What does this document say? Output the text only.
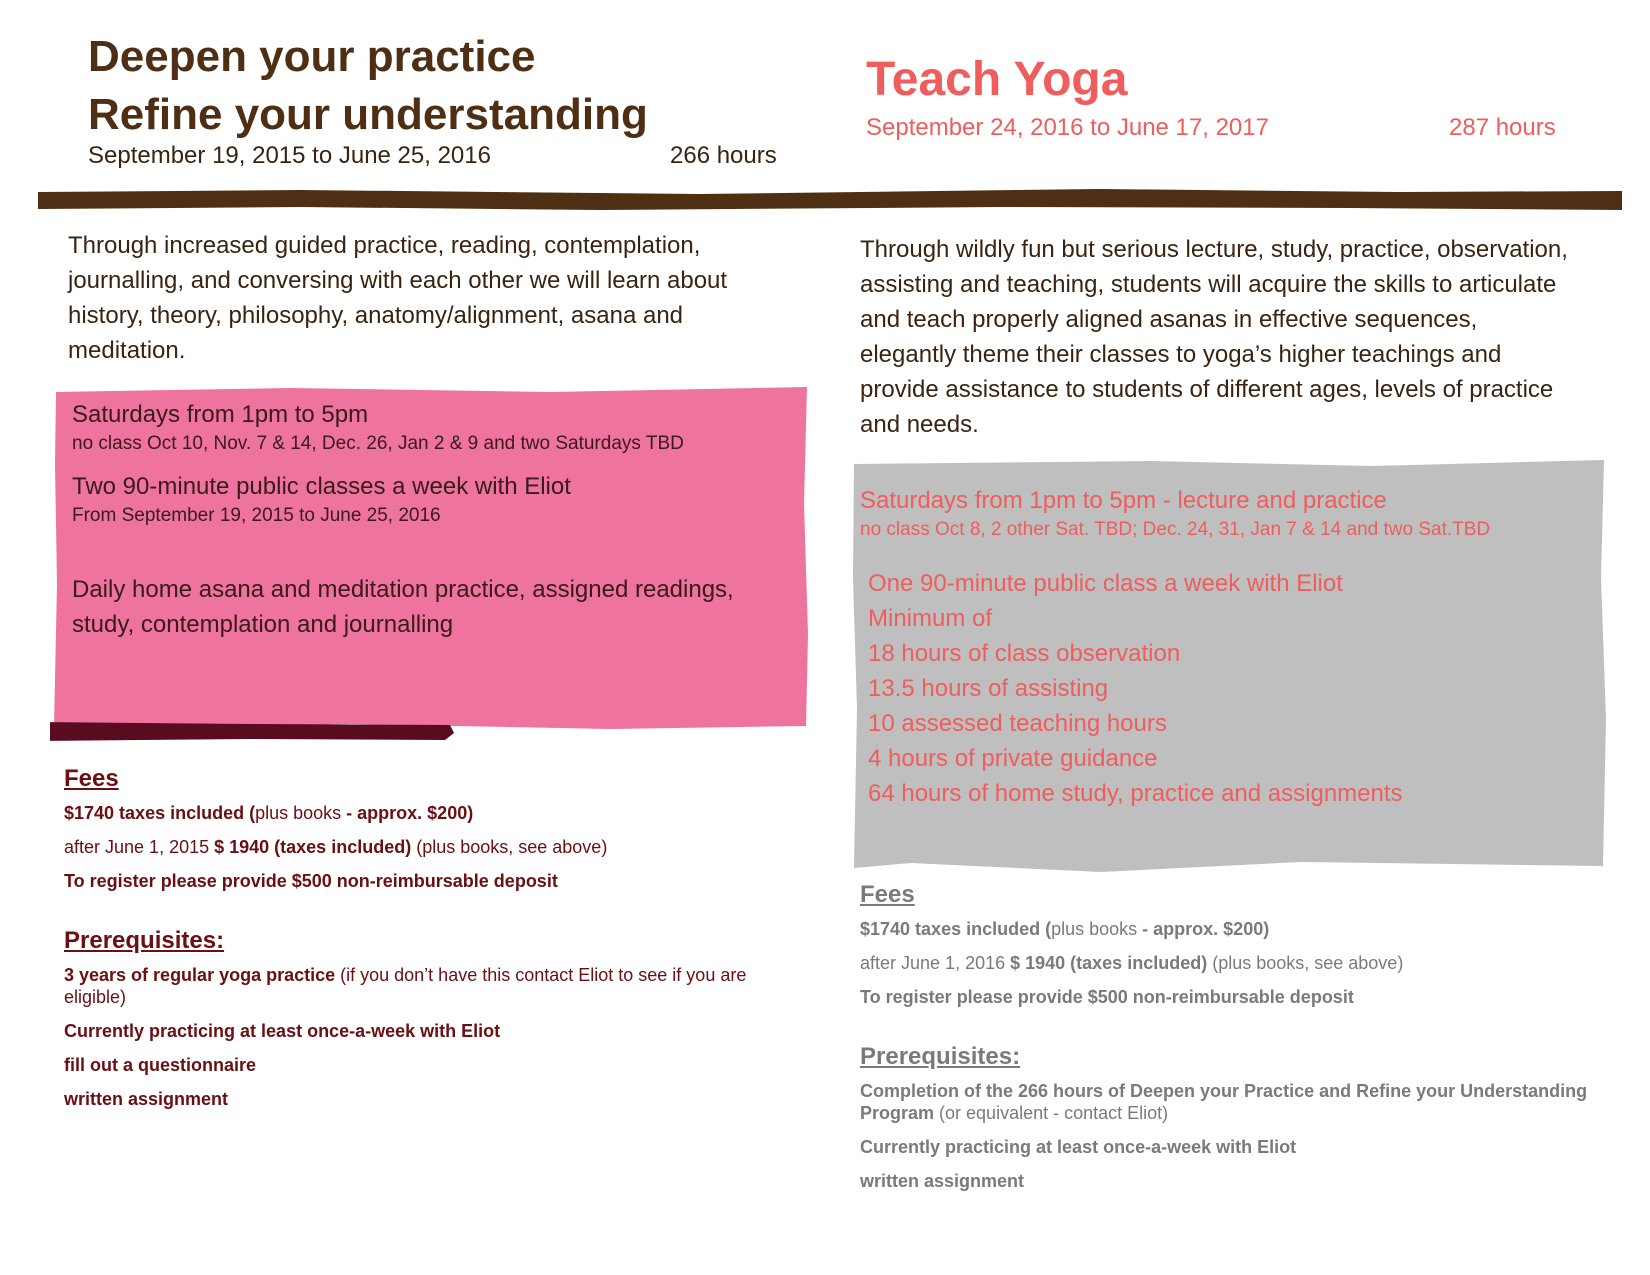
Deepen your practice
Refine your understanding
September 19, 2015 to June 25, 2016	266 hours
Teach Yoga
September 24, 2016 to June 17, 2017	287 hours

Through increased guided practice, reading, contemplation, journalling, and conversing with each other we will learn about history, theory, philosophy, anatomy/alignment, asana and meditation.

Through wildly fun but serious lecture, study, practice, observation, assisting and teaching, students will acquire the skills to articulate and teach properly aligned asanas in effective sequences, elegantly theme their classes to yoga’s higher teachings and provide assistance to students of different ages, levels of practice and needs.

Saturdays from 1pm to 5pm
no class Oct 10, Nov. 7 & 14, Dec. 26, Jan 2 & 9 and two Saturdays TBD
Two 90-minute public classes a week with Eliot
From September 19, 2015 to June 25, 2016
Daily home asana and meditation practice, assigned readings, study, contemplation and journalling
Saturdays from 1pm to 5pm - lecture and practice
no class Oct 8, 2 other Sat. TBD; Dec. 24, 31, Jan 7 & 14 and two Sat.TBD
One 90-minute public class a week with Eliot
Minimum of
18 hours of class observation
13.5 hours of assisting
10 assessed teaching hours
4 hours of private guidance
64 hours of home study, practice and assignments
Fees

$1740 taxes included (plus books - approx. $200)

after June 1, 2015 $ 1940 (taxes included) (plus books, see above)

To register please provide $500 non-reimbursable deposit

Prerequisites:

3 years of regular yoga practice (if you don’t have this contact Eliot to see if you are eligible)

Currently practicing at least once-a-week with Eliot

fill out a questionnaire

written assignment

Fees

$1740 taxes included (plus books - approx. $200)

after June 1, 2016 $ 1940 (taxes included) (plus books, see above)

To register please provide $500 non-reimbursable deposit

Prerequisites:

Completion of the 266 hours of Deepen your Practice and Refine your Understanding Program (or equivalent - contact Eliot)

Currently practicing at least once-a-week with Eliot

written assignment
